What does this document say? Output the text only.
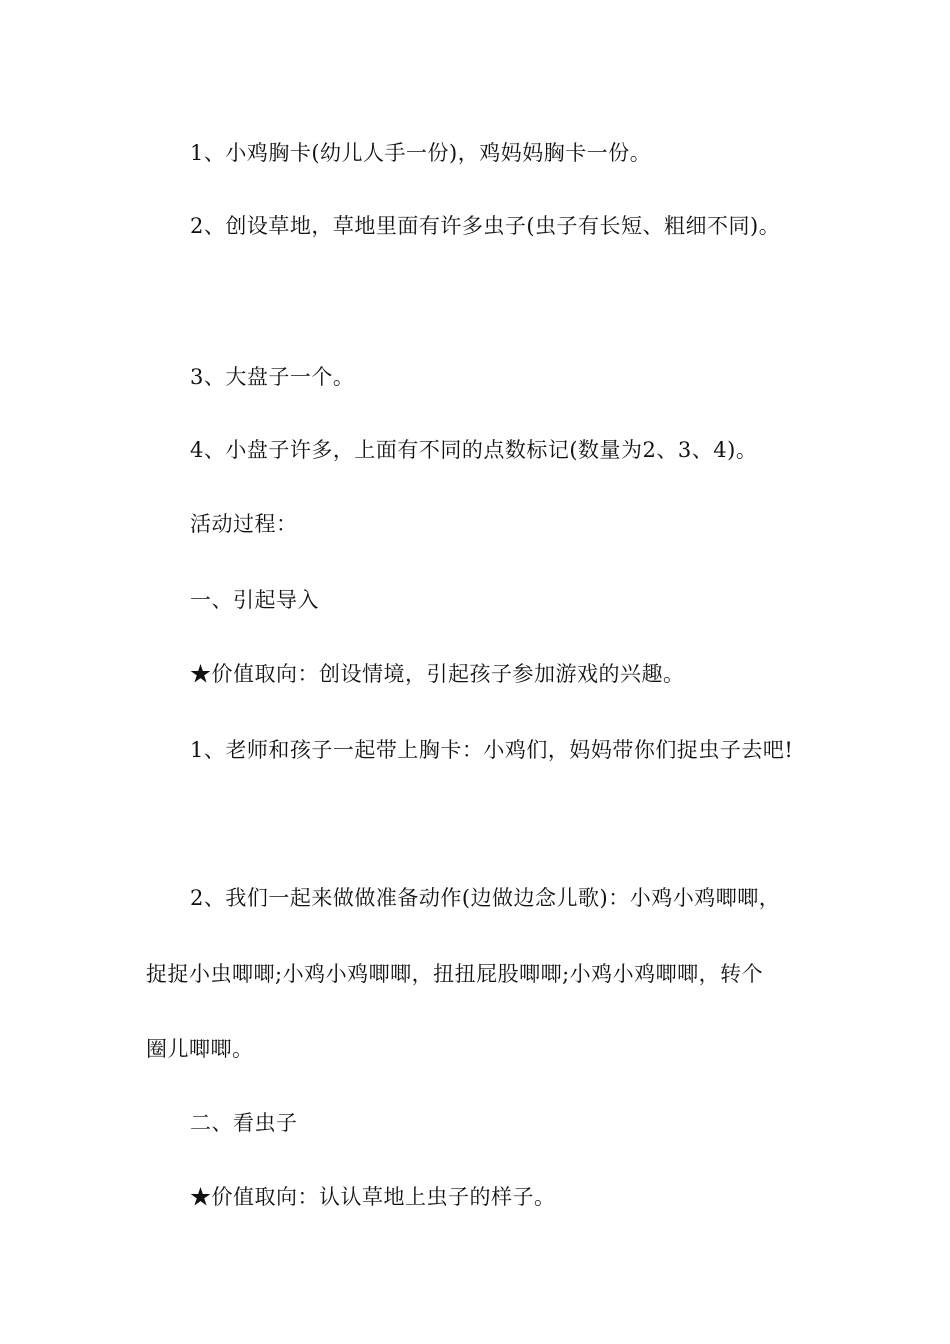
1、小鸡胸卡(幼儿人手一份)，鸡妈妈胸卡一份。
2、创设草地，草地里面有许多虫子(虫子有长短、粗细不同)。
3、大盘子一个。
4、小盘子许多，上面有不同的点数标记(数量为2、3、4)。
活动过程：
一、引起导入
★价值取向：创设情境，引起孩子参加游戏的兴趣。
1、老师和孩子一起带上胸卡：小鸡们，妈妈带你们捉虫子去吧!
2、我们一起来做做准备动作(边做边念儿歌)：小鸡小鸡唧唧，
捉捉小虫唧唧;小鸡小鸡唧唧，扭扭屁股唧唧;小鸡小鸡唧唧，转个
圈儿唧唧。
二、看虫子
★价值取向：认认草地上虫子的样子。
